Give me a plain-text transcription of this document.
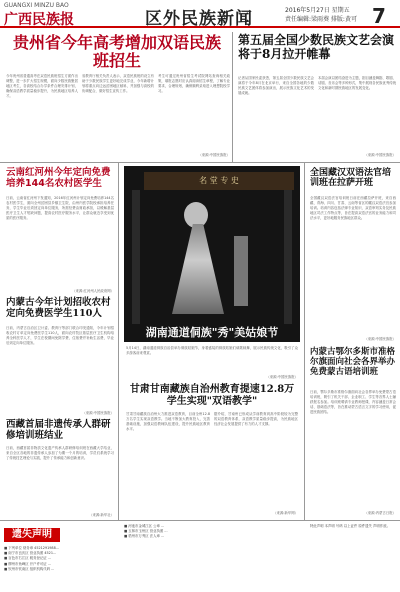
GUANGXI MINZU BAO
广西民族报	区外民族新闻	2016年5月27日 星期五
责任编辑:梁雨葵 排版:黄可 7
贵州省今年高考增加双语民族班招生
今年贵州省普通高考在双语民族班招生方面作出调整，进一步扩大招生规模，面向少数民族聚居地区考生，各高校结合办学条件合理安排计划，确保双语教学质量稳步提升，为民族地区培养人才。
省教育厅相关负责人表示，双语民族班的设立有助于少数民族学生更好地完成学业，今年新增计划将重点向边远贫困地区倾斜，并加强与高校的协调配合，做好招生宣传工作。
考生可通过贵州省招生考试院网站查询相关政策，填报志愿时应认真阅读招生章程，了解专业要求，合理规划，确保顺利录取进入理想院校学习。
（来源:中国民族报）
第五届全国少数民族文艺会演将于8月拉开帷幕
记者从国家民委获悉，第五届全国少数民族文艺会演将于今年8月在北京举行，来自全国各地的少数民族文艺团体将参加演出，展示民族文化艺术的发展成就。
本届会演以团结奋进为主题，剧目涵盖舞剧、歌剧、话剧、音乐会等多种形式，集中展现各民族优秀传统文化和新时期民族地区的发展变化。
（来源:中国民族报）
云南红河州今年定向免费培养144名农村医学生
日前，云南省红河州下发通知，2016年红河州计划定向免费培养144名农村医学生，面向全州贫困县乡镇卫生院，由州内医学院校承担培养任务，学生毕业后须回定向单位服务，所需经费由财政承担，以缓解基层医疗卫生人才短缺问题，提高农村医疗服务水平，让群众就近享受到优质的医疗服务。
（来源:红河州人民政府网）
内蒙古今年计划招收农村定向免费医学生110人
日前，内蒙古自治区卫计委、教育厅等部门联合印发通知，今年计划招收农村订单定向免费医学生110人，面向农村牧区基层医疗卫生机构培养全科医学人才，学生在校期间免除学费、住宿费并补助生活费，毕业后到定向单位服务。
（来源:中国民族报）
西藏首届非遗传承人群研修培训班结业
日前，西藏首届非物质文化遗产传承人群研修培训班在西藏大学结业，来自全区各地的非遗传承人参加了为期一个月的培训，学员们系统学习了传统技艺理论与实践，提升了传承能力和创新意识。
（来源:新华社）
名 堂 专 史
湖南通道侗族"秀"美姑娘节
5月14日，湖南通道侗族自治县举办侗族姑娘节，身着盛装的侗族姑娘们载歌载舞，展示民族传统文化，吸引了众多游客前来观赏。
（来源:中国民族报）
全国藏汉双语法官培训班在拉萨开班
全国藏汉双语法官培训班日前在西藏拉萨开班，来自西藏、青海、四川、甘肃、云南等省区的藏汉双语法官参加培训。培训内容包括法律专业知识、双语审判实务及民族地区司法工作特点等，旨在提高双语法官的业务能力和司法水平，更好地服务民族地区群众。
（来源:中国民族报）
甘肃甘南藏族自治州教育提速12.8万学生实现"双语教学"
甘肃甘南藏族自治州大力推进双语教育，目前全州12.8万名学生实现双语教学。当地不断加大教育投入，完善基础设施，加强双语教师队伍建设，提升民族地区教育水平。
据介绍，甘南州已形成从学前教育到高中阶段较为完整的双语教育体系，双语教学质量稳步提高，为民族地区经济社会发展提供了有力的人才支撑。
（来源:新华网）
内蒙古鄂尔多斯市准格尔旗面向社会各界举办免费蒙古语培训班
日前，鄂尔多斯市准格尔旗面向社会各界举办免费蒙古语培训班，吸引了机关干部、企业职工、学生等各界人士踊跃报名参加。培训班聘请专业教师授课，内容涵盖日常会话、基础语法等，旨在推动蒙古语言文字的学习使用，促进民族团结。
（来源:内蒙古日报）
遗失声明
■ 下列单位 财务章 4521291988...
■ 南宁市良庆区 营业执照 4521...
■ 百色市右江区 税务登记证 ...
■ 柳州市鱼峰区 开户许可证 ...
■ 钦州市钦南区 组织机构代码 ...
■ 河池市金城江区 公章 ...
■ 玉林市玉州区 营业执照 ...
■ 梧州市万秀区 法人章 ...
特此声明 本声明 号码 以上证件 原件遗失 声明作废。
